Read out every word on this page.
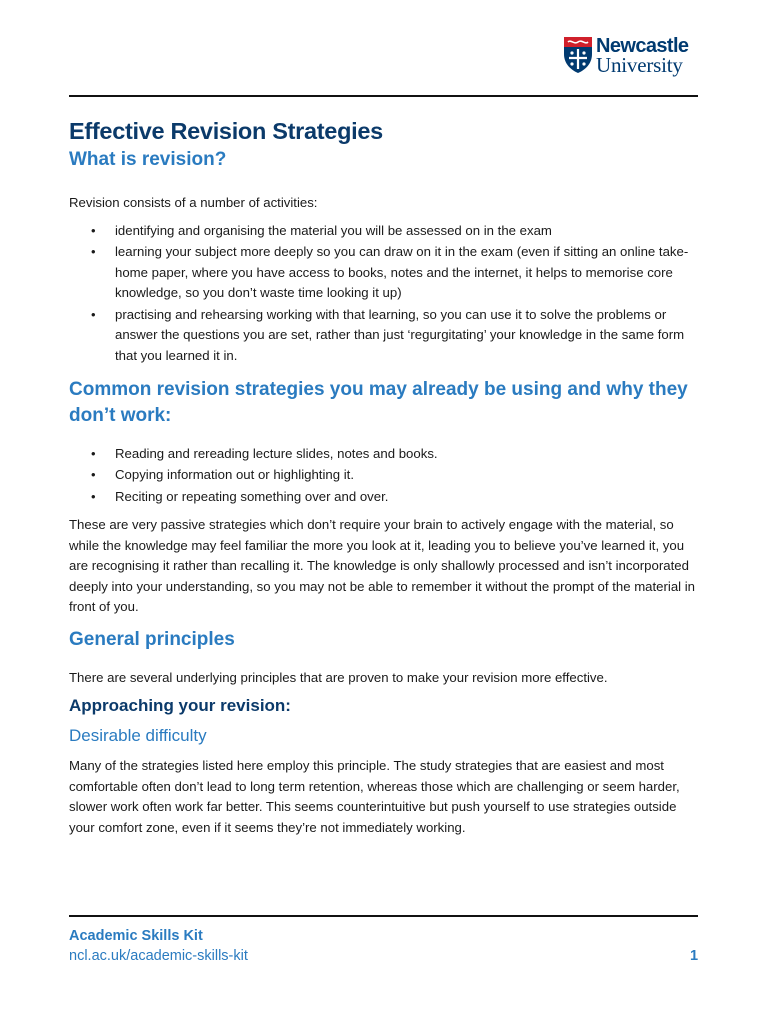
Newcastle
University
Effective Revision Strategies
What is revision?

Revision consists of a number of activities:

• identifying and organising the material you will be assessed on in the exam
• learning your subject more deeply so you can draw on it in the exam (even if sitting an online take-home paper, where you have access to books, notes and the internet, it helps to memorise core knowledge, so you don’t waste time looking it up)
• practising and rehearsing working with that learning, so you can use it to solve the problems or answer the questions you are set, rather than just ‘regurgitating’ your knowledge in the same form that you learned it in.
Common revision strategies you may already be using and why they don’t work:
• Reading and rereading lecture slides, notes and books.
• Copying information out or highlighting it.
• Reciting or repeating something over and over.

These are very passive strategies which don’t require your brain to actively engage with the material, so while the knowledge may feel familiar the more you look at it, leading you to believe you’ve learned it, you are recognising it rather than recalling it. The knowledge is only shallowly processed and isn’t incorporated deeply into your understanding, so you may not be able to remember it without the prompt of the material in front of you.

General principles

There are several underlying principles that are proven to make your revision more effective.

Approaching your revision:
Desirable difficulty

Many of the strategies listed here employ this principle. The study strategies that are easiest and most comfortable often don’t lead to long term retention, whereas those which are challenging or seem harder, slower work often work far better. This seems counterintuitive but push yourself to use strategies outside your comfort zone, even if it seems they’re not immediately working.

Academic Skills Kit
ncl.ac.uk/academic-skills-kit	1
